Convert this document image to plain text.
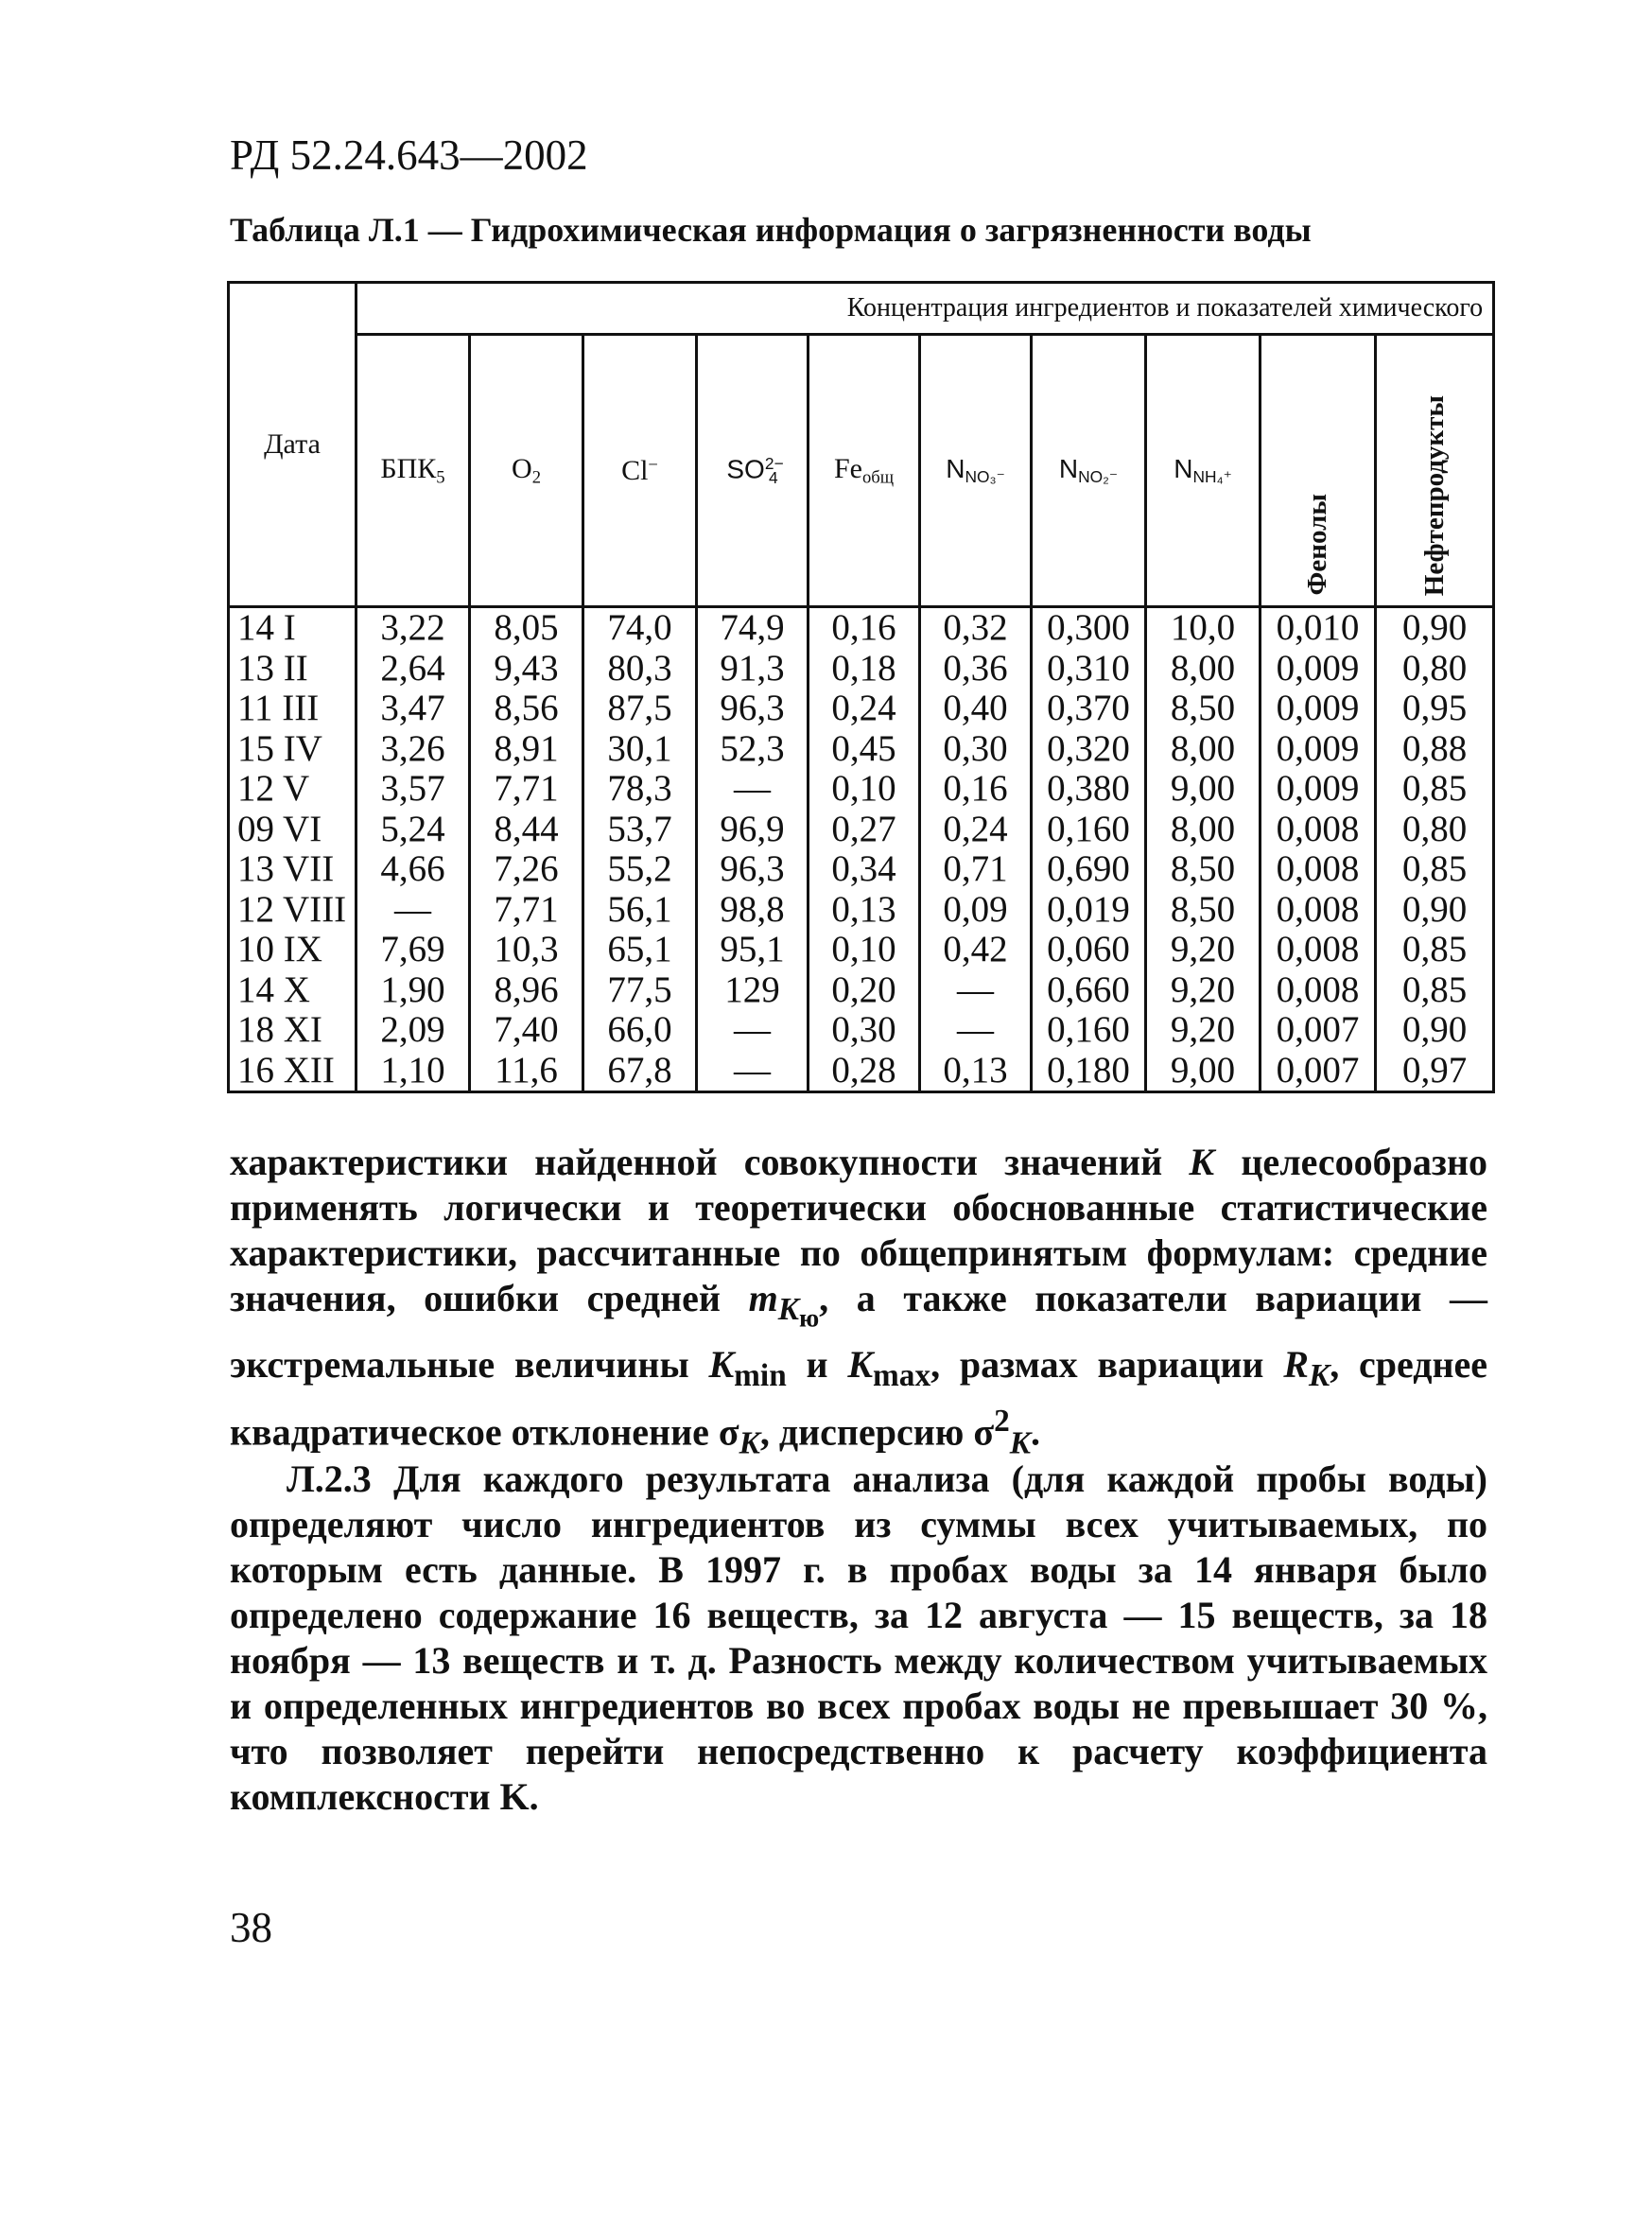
РД 52.24.643—2002
Таблица Л.1 — Гидрохимическая информация о загрязненности воды
Дата	Концентрация ингредиентов и показателей химического									
	$БПК_5$	$O_2$	Cl−	$SO^{2-}_4$	$Fe_{общ}$	$N_{NO_3^-}$	$N_{NO_2^-}$	$N_{NH_4^+}$	Фенолы	Нефтепродукты
14 I	3,22	8,05	74,0	74,9	0,16	0,32	0,300	10,0	0,010	0,90
13 II	2,64	9,43	80,3	91,3	0,18	0,36	0,310	8,00	0,009	0,80
11 III	3,47	8,56	87,5	96,3	0,24	0,40	0,370	8,50	0,009	0,95
15 IV	3,26	8,91	30,1	52,3	0,45	0,30	0,320	8,00	0,009	0,88
12 V	3,57	7,71	78,3	—	0,10	0,16	0,380	9,00	0,009	0,85
09 VI	5,24	8,44	53,7	96,9	0,27	0,24	0,160	8,00	0,008	0,80
13 VII	4,66	7,26	55,2	96,3	0,34	0,71	0,690	8,50	0,008	0,85
12 VIII	—	7,71	56,1	98,8	0,13	0,09	0,019	8,50	0,008	0,90
10 IX	7,69	10,3	65,1	95,1	0,10	0,42	0,060	9,20	0,008	0,85
14 X	1,90	8,96	77,5	129	0,20	—	0,660	9,20	0,008	0,85
18 XI	2,09	7,40	66,0	—	0,30	—	0,160	9,20	0,007	0,90
16 XII	1,10	11,6	67,8	—	0,28	0,13	0,180	9,00	0,007	0,97
характеристики найденной совокупности значений K целесообразно применять логически и теоретически обоснованные статистические характеристики, рассчитанные по общепринятым формулам: средние значения, ошибки средней $m_{K_ю}$, а также показатели вариации — экстремальные величины $K_{min}$ и $K_{max}$, размах вариации $R_K$, среднее квадратическое отклонение $\sigma_K$, дисперсию $\sigma^2_K$.
Л.2.3 Для каждого результата анализа (для каждой пробы воды) определяют число ингредиентов из суммы всех учитываемых, по которым есть данные. В 1997 г. в пробах воды за 14 января было определено содержание 16 веществ, за 12 августа — 15 веществ, за 18 ноября — 13 веществ и т. д. Разность между количеством учитываемых и определенных ингредиентов во всех пробах воды не превышает 30 %, что позволяет перейти непосредственно к расчету коэффициента комплексности K.
38
